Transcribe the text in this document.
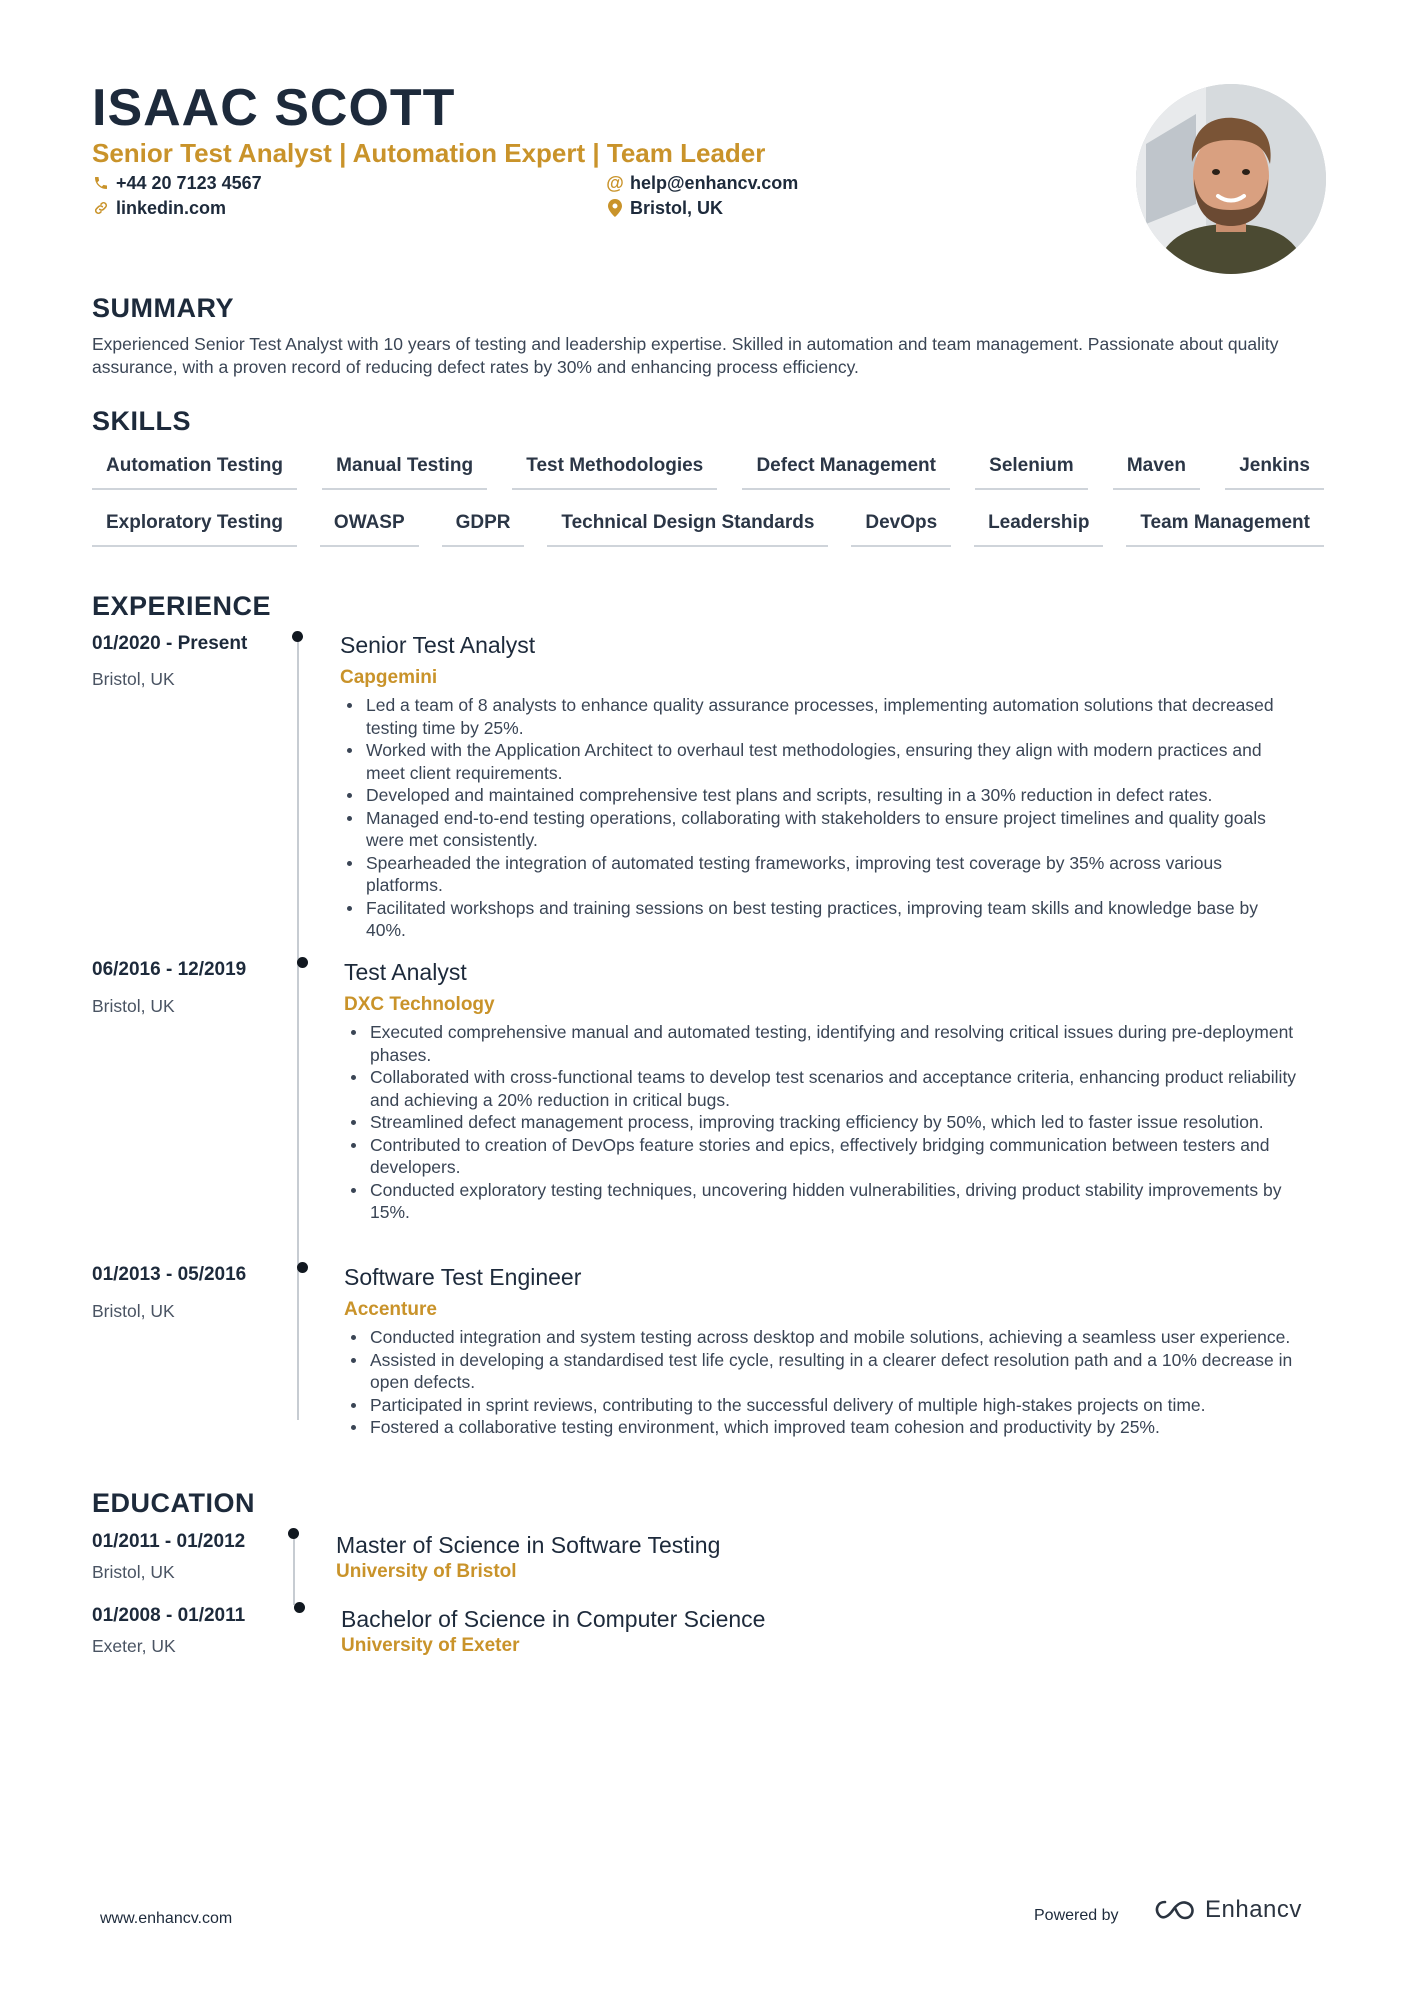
ISAAC SCOTT
Senior Test Analyst | Automation Expert | Team Leader
+44 20 7123 4567	@ help@enhancv.com
linkedin.com	Bristol, UK
SUMMARY
Experienced Senior Test Analyst with 10 years of testing and leadership expertise. Skilled in automation and team management. Passionate about quality assurance, with a proven record of reducing defect rates by 30% and enhancing process efficiency.
SKILLS
Automation Testing	Manual Testing	Test Methodologies	Defect Management	Selenium	Maven	Jenkins
Exploratory Testing	OWASP	GDPR	Technical Design Standards	DevOps	Leadership	Team Management
EXPERIENCE
01/2020 - Present
Bristol, UK
Senior Test Analyst
Capgemini
Led a team of 8 analysts to enhance quality assurance processes, implementing automation solutions that decreased testing time by 25%.
Worked with the Application Architect to overhaul test methodologies, ensuring they align with modern practices and meet client requirements.
Developed and maintained comprehensive test plans and scripts, resulting in a 30% reduction in defect rates.
Managed end-to-end testing operations, collaborating with stakeholders to ensure project timelines and quality goals were met consistently.
Spearheaded the integration of automated testing frameworks, improving test coverage by 35% across various platforms.
Facilitated workshops and training sessions on best testing practices, improving team skills and knowledge base by 40%.
06/2016 - 12/2019
Bristol, UK
Test Analyst
DXC Technology
Executed comprehensive manual and automated testing, identifying and resolving critical issues during pre-deployment phases.
Collaborated with cross-functional teams to develop test scenarios and acceptance criteria, enhancing product reliability and achieving a 20% reduction in critical bugs.
Streamlined defect management process, improving tracking efficiency by 50%, which led to faster issue resolution.
Contributed to creation of DevOps feature stories and epics, effectively bridging communication between testers and developers.
Conducted exploratory testing techniques, uncovering hidden vulnerabilities, driving product stability improvements by 15%.
01/2013 - 05/2016
Bristol, UK
Software Test Engineer
Accenture
Conducted integration and system testing across desktop and mobile solutions, achieving a seamless user experience.
Assisted in developing a standardised test life cycle, resulting in a clearer defect resolution path and a 10% decrease in open defects.
Participated in sprint reviews, contributing to the successful delivery of multiple high-stakes projects on time.
Fostered a collaborative testing environment, which improved team cohesion and productivity by 25%.
EDUCATION
01/2011 - 01/2012
Bristol, UK
Master of Science in Software Testing
University of Bristol
01/2008 - 01/2011
Exeter, UK
Bachelor of Science in Computer Science
University of Exeter
www.enhancv.com	Powered by	Enhancv
